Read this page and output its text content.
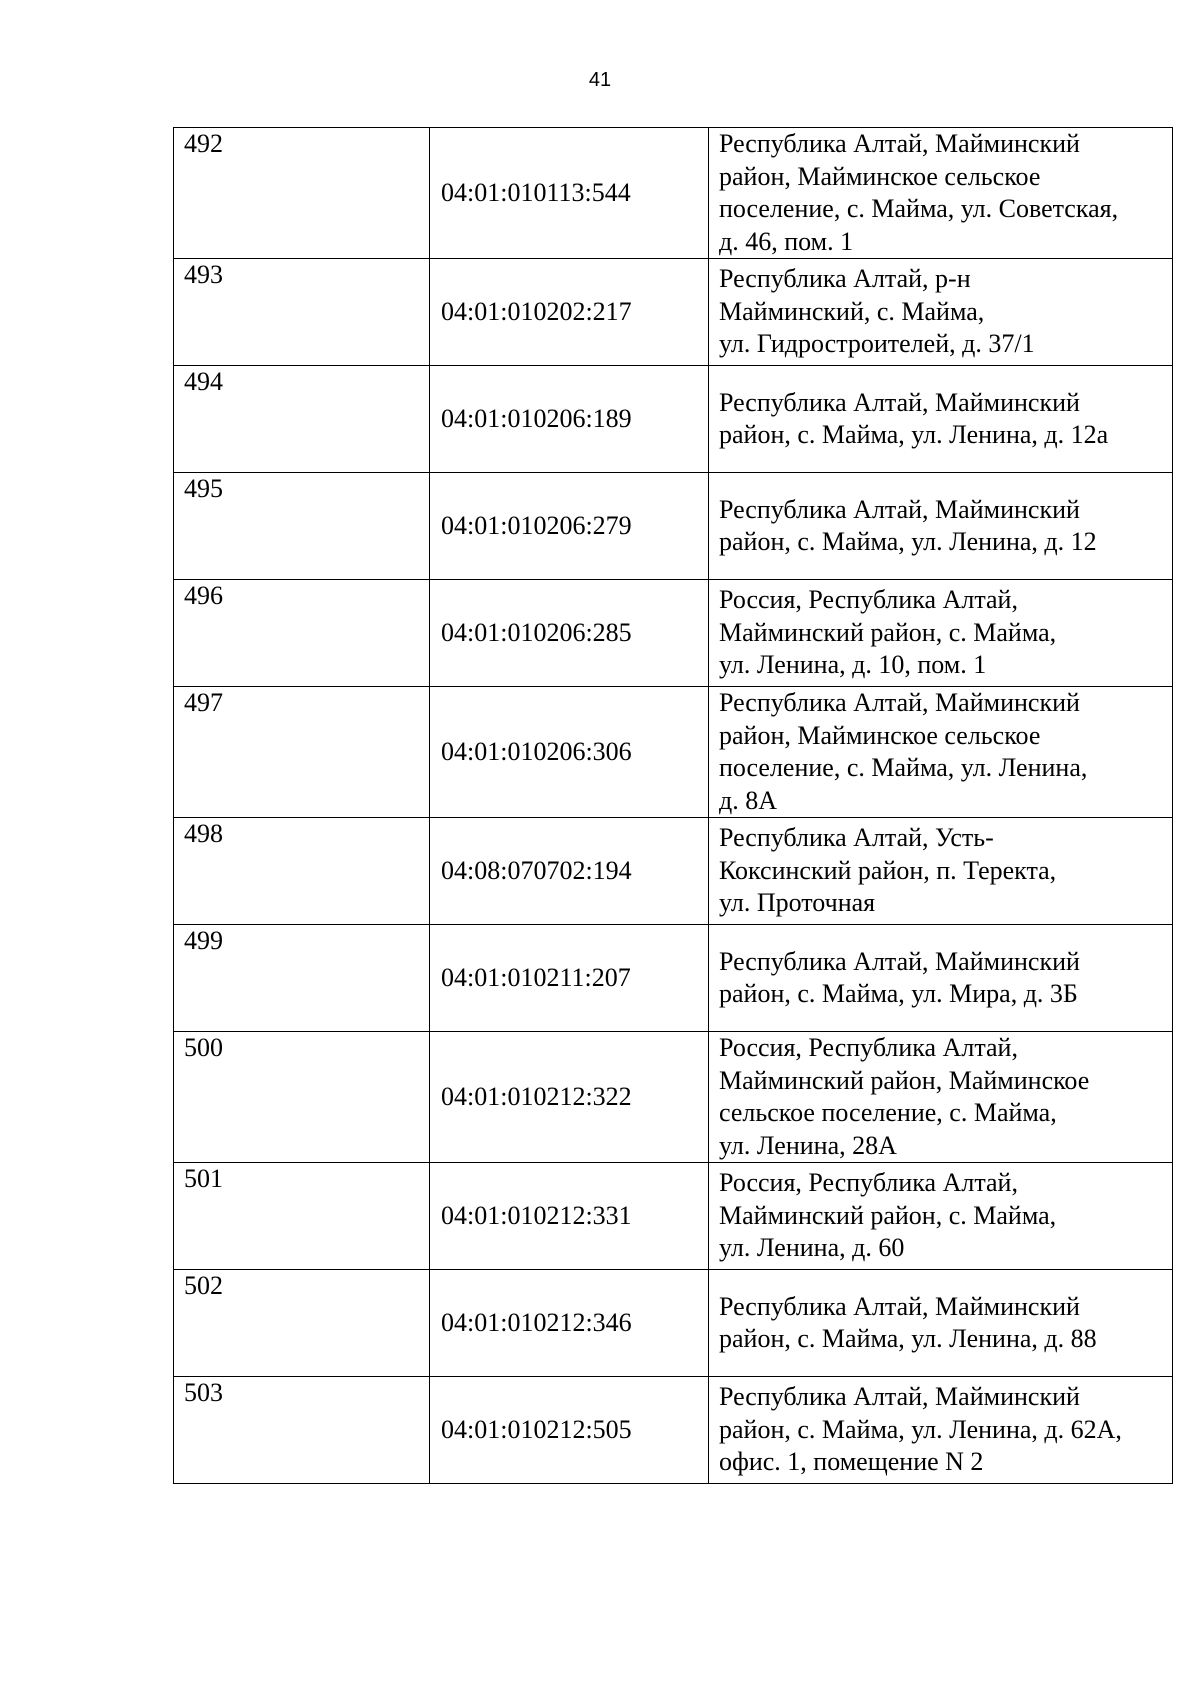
41
492	04:01:010113:544	Республика Алтай, Майминский
район, Майминское сельское
поселение, с. Майма, ул. Советская,
д. 46, пом. 1
493	04:01:010202:217	Республика Алтай, р-н
Майминский, с. Майма,
ул. Гидростроителей, д. 37/1
494	04:01:010206:189	Республика Алтай, Майминский
район, с. Майма, ул. Ленина, д. 12а
495	04:01:010206:279	Республика Алтай, Майминский
район, с. Майма, ул. Ленина, д. 12
496	04:01:010206:285	Россия, Республика Алтай,
Майминский район, с. Майма,
ул. Ленина, д. 10, пом. 1
497	04:01:010206:306	Республика Алтай, Майминский
район, Майминское сельское
поселение, с. Майма, ул. Ленина,
д. 8А
498	04:08:070702:194	Республика Алтай, Усть-
Коксинский район, п. Теректа,
ул. Проточная
499	04:01:010211:207	Республика Алтай, Майминский
район, с. Майма, ул. Мира, д. 3Б
500	04:01:010212:322	Россия, Республика Алтай,
Майминский район, Майминское
сельское поселение, с. Майма,
ул. Ленина, 28А
501	04:01:010212:331	Россия, Республика Алтай,
Майминский район, с. Майма,
ул. Ленина, д. 60
502	04:01:010212:346	Республика Алтай, Майминский
район, с. Майма, ул. Ленина, д. 88
503	04:01:010212:505	Республика Алтай, Майминский
район, с. Майма, ул. Ленина, д. 62А,
офис. 1, помещение N 2
